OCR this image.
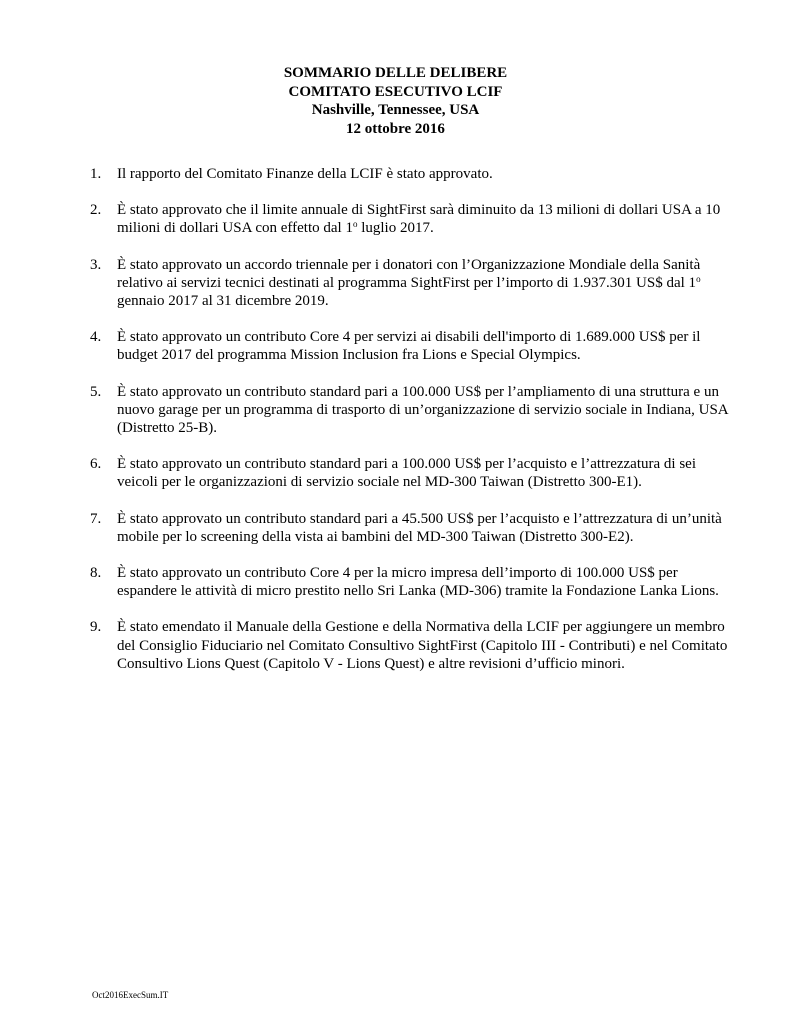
SOMMARIO DELLE DELIBERE
COMITATO ESECUTIVO LCIF
Nashville, Tennessee, USA
12 ottobre 2016
1.	Il rapporto del Comitato Finanze della LCIF è stato approvato.
2.	È stato approvato che il limite annuale di SightFirst sarà diminuito da 13 milioni di dollari USA a 10 milioni di dollari USA con effetto dal 1$^o$ luglio 2017.
3.	È stato approvato un accordo triennale per i donatori con l’Organizzazione Mondiale della Sanità relativo ai servizi tecnici destinati al programma SightFirst per l’importo di 1.937.301 US$ dal 1$^o$ gennaio 2017 al 31 dicembre 2019.
4.	È stato approvato un contributo Core 4 per servizi ai disabili dell'importo di 1.689.000 US$ per il budget 2017 del programma Mission Inclusion fra Lions e Special Olympics.
5.	È stato approvato un contributo standard pari a 100.000 US$ per l’ampliamento di una struttura e un nuovo garage per un programma di trasporto di un’organizzazione di servizio sociale in Indiana, USA (Distretto 25-B).
6.	È stato approvato un contributo standard pari a 100.000 US$ per l’acquisto e l’attrezzatura di sei veicoli per le organizzazioni di servizio sociale nel MD-300 Taiwan (Distretto 300-E1).
7.	È stato approvato un contributo standard pari a 45.500 US$ per l’acquisto e l’attrezzatura di un’unità mobile per lo screening della vista ai bambini del MD-300 Taiwan (Distretto 300-E2).
8.	È stato approvato un contributo Core 4 per la micro impresa dell’importo di 100.000 US$ per espandere le attività di micro prestito nello Sri Lanka (MD-306) tramite la Fondazione Lanka Lions.
9.	È stato emendato il Manuale della Gestione e della Normativa della LCIF per aggiungere un membro del Consiglio Fiduciario nel Comitato Consultivo SightFirst (Capitolo III - Contributi) e nel Comitato Consultivo Lions Quest (Capitolo V - Lions Quest) e altre revisioni d’ufficio minori.
Oct2016ExecSum.IT
